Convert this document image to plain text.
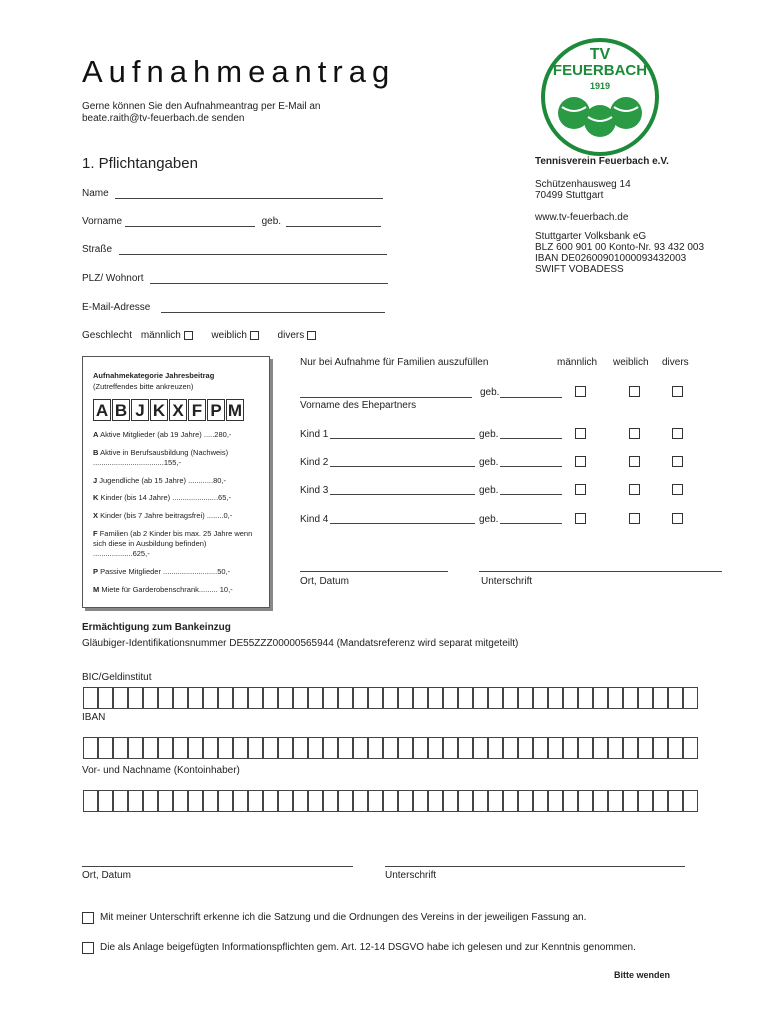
Aufnahmeantrag
Gerne können Sie den Aufnahmeantrag per E-Mail an
beate.raith@tv-feuerbach.de senden
TV
FEUERBACH
1919
1. Pflichtangaben
Name
Vorname	geb.
Straße
PLZ/ Wohnort
E-Mail-Adresse
Geschlecht männlich	weiblich	divers
Tennisverein Feuerbach e.V.
Schützenhausweg 14
70499 Stuttgart
www.tv-feuerbach.de
Stuttgarter Volksbank eG
BLZ 600 901 00 Konto-Nr. 93 432 003
IBAN DE02600901000093432003
SWIFT VOBADESS
Aufnahmekategorie Jahresbeitrag
(Zutreffendes bitte ankreuzen)
A B J K X F P M
A Aktive Mitglieder (ab 19 Jahre) .....280,-
B Aktive in Berufsausbildung (Nachweis) ..................................155,-
J Jugendliche (ab 15 Jahre) ............80,-
K Kinder (bis 14 Jahre) ......................65,-
X Kinder (bis 7 Jahre beitragsfrei) ........0,-
F Familien (ab 2 Kinder bis max. 25 Jahre wenn sich diese in Ausbildung befinden) ...................625,-
P Passive Mitglieder ..........................50,-
M Miete für Garderobenschrank......... 10,-
Nur bei Aufnahme für Familien auszufüllen	männlich weiblich divers
geb.
Vorname des Ehepartners
Kind 1	geb.
Kind 2	geb.
Kind 3	geb.
Kind 4	geb.
Ort, Datum	Unterschrift
Ermächtigung zum Bankeinzug
Gläubiger-Identifikationsnummer DE55ZZZ00000565944 (Mandatsreferenz wird separat mitgeteilt)
BIC/Geldinstitut
IBAN
Vor- und Nachname (Kontoinhaber)
Ort, Datum	Unterschrift
Mit meiner Unterschrift erkenne ich die Satzung und die Ordnungen des Vereins in der jeweiligen Fassung an.
Die als Anlage beigefügten Informationspflichten gem. Art. 12-14 DSGVO habe ich gelesen und zur Kenntnis genommen.
Bitte wenden
